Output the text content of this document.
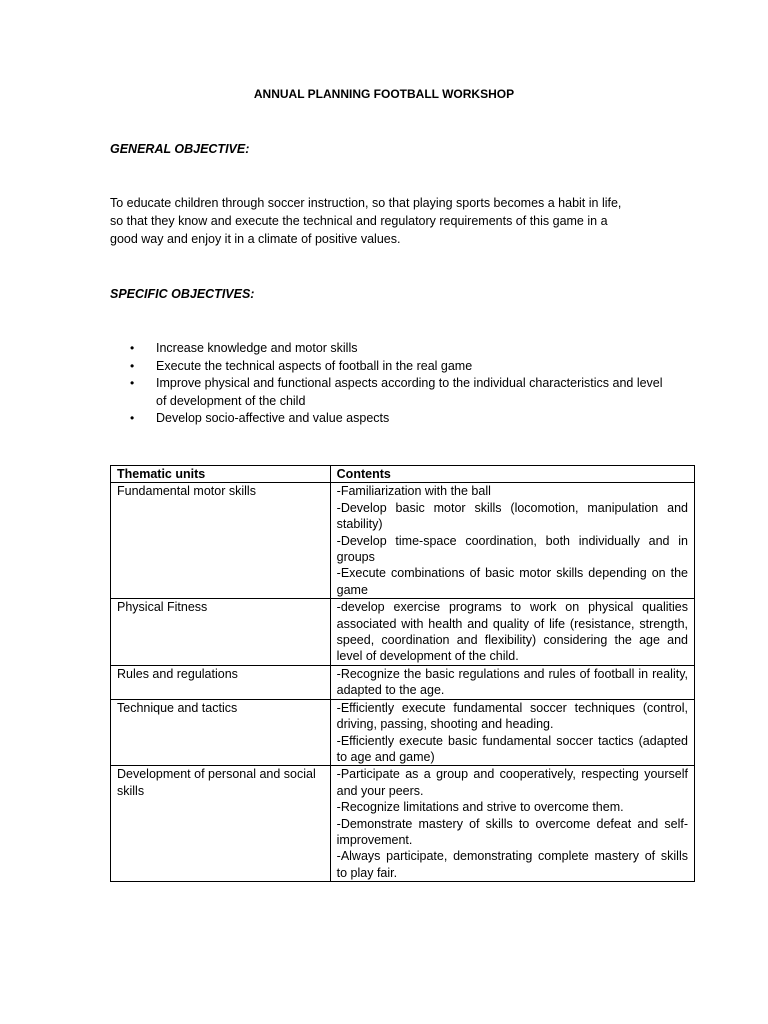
ANNUAL PLANNING FOOTBALL WORKSHOP
GENERAL OBJECTIVE:

To educate children through soccer instruction, so that playing sports becomes a habit in life,

so that they know and execute the technical and regulatory requirements of this game in a

good way and enjoy it in a climate of positive values.

SPECIFIC OBJECTIVES:
• Increase knowledge and motor skills
• Execute the technical aspects of football in the real game
• Improve physical and functional aspects according to the individual characteristics and level of development of the child
• Develop socio-affective and value aspects
Thematic units	Contents
Fundamental motor skills	-Familiarization with the ball
-Develop basic motor skills (locomotion, manipulation and stability)
-Develop time-space coordination, both individually and in groups
-Execute combinations of basic motor skills depending on the game

Physical Fitness	-develop exercise programs to work on physical qualities associated with health and quality of life (resistance, strength, speed, coordination and flexibility) considering the age and level of development of the child.

Rules and regulations	-Recognize the basic regulations and rules of football in reality, adapted to the age.

Technique and tactics	-Efficiently execute fundamental soccer techniques (control, driving, passing, shooting and heading.
-Efficiently execute basic fundamental soccer tactics (adapted to age and game)

Development of personal and social skills	-Participate as a group and cooperatively, respecting yourself and your peers.
-Recognize limitations and strive to overcome them.
-Demonstrate mastery of skills to overcome defeat and self-improvement.
-Always participate, demonstrating complete mastery of skills to play fair.
